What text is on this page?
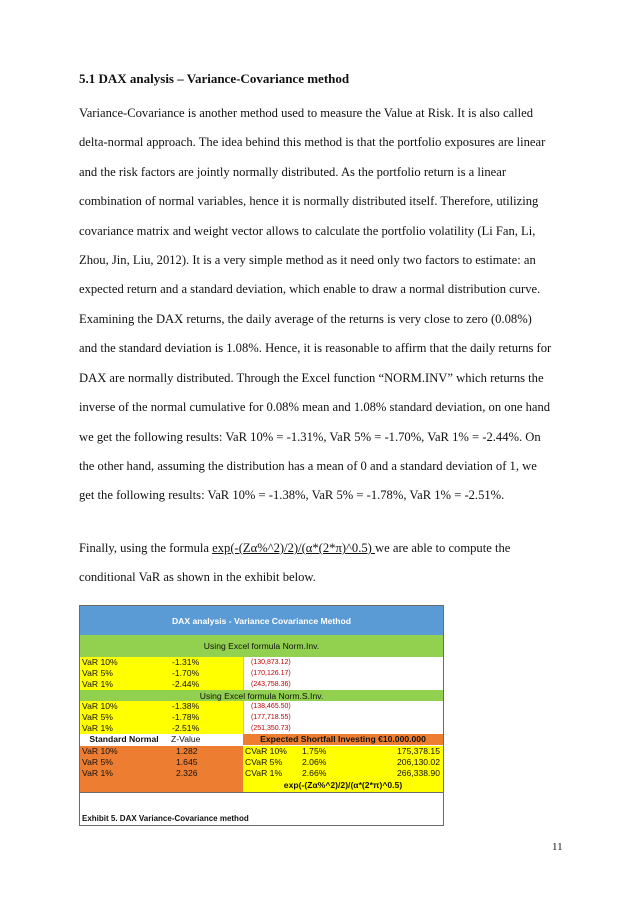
5.1 DAX analysis – Variance-Covariance method
Variance-Covariance is another method used to measure the Value at Risk. It is also called
delta-normal approach. The idea behind this method is that the portfolio exposures are linear
and the risk factors are jointly normally distributed. As the portfolio return is a linear
combination of normal variables, hence it is normally distributed itself. Therefore, utilizing
covariance matrix and weight vector allows to calculate the portfolio volatility (Li Fan, Li,
Zhou, Jin, Liu, 2012). It is a very simple method as it need only two factors to estimate: an
expected return and a standard deviation, which enable to draw a normal distribution curve.
Examining the DAX returns, the daily average of the returns is very close to zero (0.08%)
and the standard deviation is 1.08%. Hence, it is reasonable to affirm that the daily returns for
DAX are normally distributed. Through the Excel function “NORM.INV” which returns the
inverse of the normal cumulative for 0.08% mean and 1.08% standard deviation, on one hand
we get the following results: VaR 10% = -1.31%, VaR 5% = -1.70%, VaR 1% = -2.44%. On
the other hand, assuming the distribution has a mean of 0 and a standard deviation of 1, we
get the following results: VaR 10% = -1.38%, VaR 5% = -1.78%, VaR 1% = -2.51%.
Finally, using the formula exp(-(Zα%^2)/2)/(α*(2*π)^0.5) we are able to compute the
conditional VaR as shown in the exhibit below.
DAX analysis - Variance Covariance Method
Using Excel formula Norm.Inv.
VaR 10%	-1.31%	(130,873.12)
VaR 5%	-1.70%	(170,126.17)
VaR 1%	-2.44%	(243,758.36)
Using Excel formula Norm.S.Inv.
VaR 10%	-1.38%	(138,465.50)
VaR 5%	-1.78%	(177,718.55)
VaR 1%	-2.51%	(251,350.73)
Standard Normal	Z-Value	Expected Shortfall Investing €10.000.000
VaR 10%	1.282	CVaR 10%	1.75%	175,378.15
VaR 5%	1.645	CVaR 5%	2.06%	206,130.02
VaR 1%	2.326	CVaR 1%	2.66%	266,338.90
exp(-(Zα%^2)/2)/(α*(2*π)^0.5)
Exhibit 5. DAX Variance-Covariance method
11
